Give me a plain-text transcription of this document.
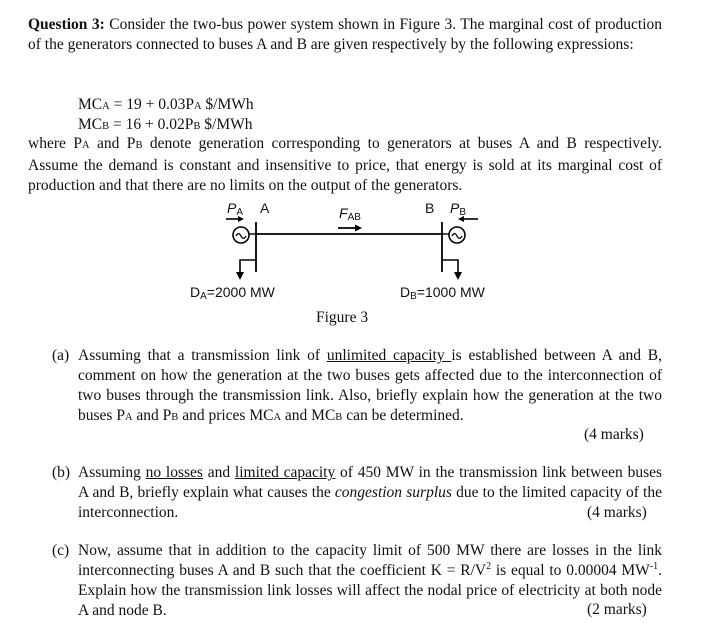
Question 3: Consider the two-bus power system shown in Figure 3. The marginal cost of production of the generators connected to buses A and B are given respectively by the following expressions:

MCA = 19 + 0.03PA $/MWh

MCB = 16 + 0.02PB $/MWh

where PA and PB denote generation corresponding to generators at buses A and B respectively. Assume the demand is constant and insensitive to price, that energy is sold at its marginal cost of production and that there are no limits on the output of the generators.

$P_A$ A	$F_{AB}$
B $P_B$
$D_A=2000$ MW	$D_B=1000$ MW

Figure 3

(a) Assuming that a transmission link of unlimited capacity is established between A and B, comment on how the generation at the two buses gets affected due to the interconnection of two buses through the transmission link. Also, briefly explain how the generation at the two buses PA and PB and prices MCA and MCB can be determined.

(4 marks)

(b) Assuming no losses and limited capacity of 450 MW in the transmission link between buses A and B, briefly explain what causes the congestion surplus due to the limited capacity of the interconnection.	(4 marks)

(c) Now, assume that in addition to the capacity limit of 500 MW there are losses in the link interconnecting buses A and B such that the coefficient $K = R/V^2$ is equal to 0.00004 $MW^{-1}$. Explain how the transmission link losses will affect the nodal price of electricity at both node A and node B.	(2 marks)
